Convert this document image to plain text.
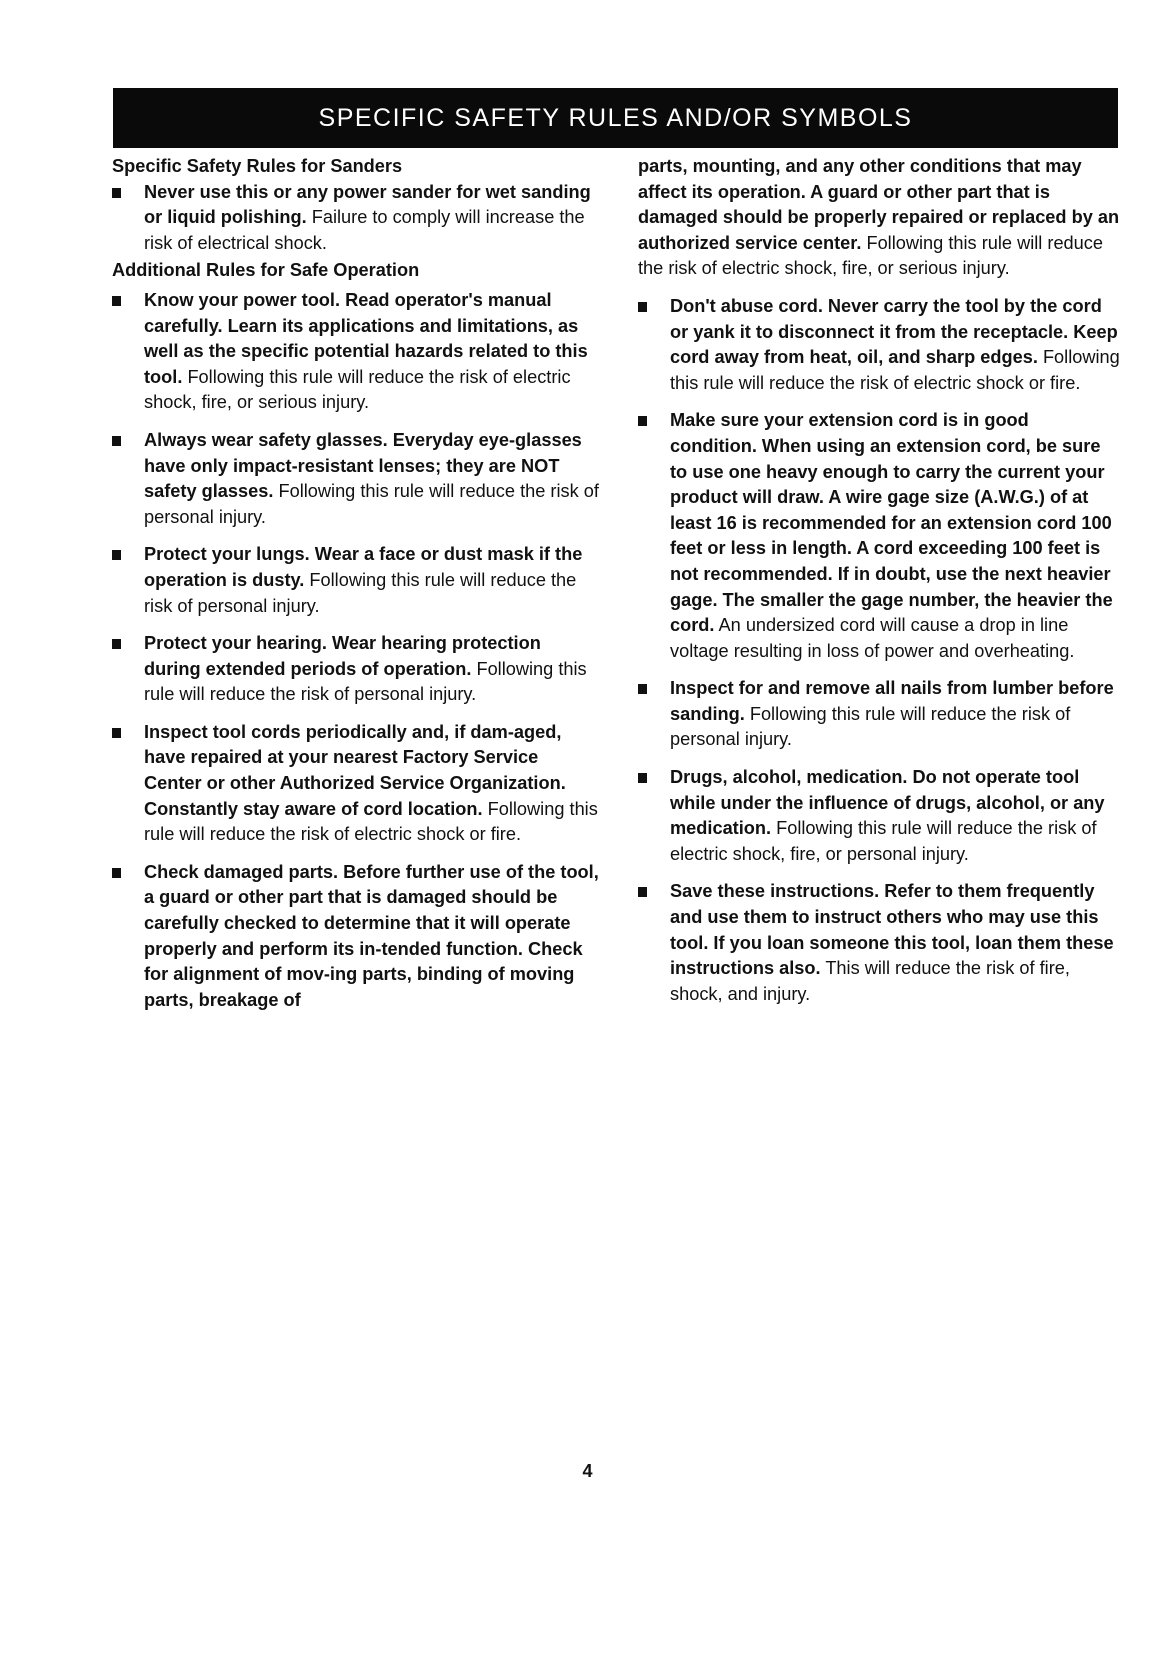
SPECIFIC SAFETY RULES AND/OR SYMBOLS

Specific Safety Rules for Sanders

Never use this or any power sander for wet sanding or liquid polishing. Failure to comply will increase the risk of electrical shock.

Additional Rules for Safe Operation

Know your power tool. Read operator's manual carefully. Learn its applications and limitations, as well as the specific potential hazards related to this tool. Following this rule will reduce the risk of electric shock, fire, or serious injury.

Always wear safety glasses. Everyday eye-glasses have only impact-resistant lenses; they are NOT safety glasses. Following this rule will reduce the risk of personal injury.

Protect your lungs. Wear a face or dust mask if the operation is dusty. Following this rule will reduce the risk of personal injury.

Protect your hearing. Wear hearing protection during extended periods of operation. Following this rule will reduce the risk of personal injury.

Inspect tool cords periodically and, if dam-aged, have repaired at your nearest Factory Service Center or other Authorized Service Organization. Constantly stay aware of cord location. Following this rule will reduce the risk of electric shock or fire.

Check damaged parts. Before further use of the tool, a guard or other part that is damaged should be carefully checked to determine that it will operate properly and perform its in-tended function. Check for alignment of mov-ing parts, binding of moving parts, breakage of

parts, mounting, and any other conditions that may affect its operation. A guard or other part that is damaged should be properly repaired or replaced by an authorized service center. Following this rule will reduce the risk of electric shock, fire, or serious injury.

Don't abuse cord. Never carry the tool by the cord or yank it to disconnect it from the receptacle. Keep cord away from heat, oil, and sharp edges. Following this rule will reduce the risk of electric shock or fire.

Make sure your extension cord is in good condition. When using an extension cord, be sure to use one heavy enough to carry the current your product will draw. A wire gage size (A.W.G.) of at least 16 is recommended for an extension cord 100 feet or less in length. A cord exceeding 100 feet is not recommended. If in doubt, use the next heavier gage. The smaller the gage number, the heavier the cord. An undersized cord will cause a drop in line voltage resulting in loss of power and overheating.

Inspect for and remove all nails from lumber before sanding. Following this rule will reduce the risk of personal injury.

Drugs, alcohol, medication. Do not operate tool while under the influence of drugs, alcohol, or any medication. Following this rule will reduce the risk of electric shock, fire, or personal injury.

Save these instructions. Refer to them frequently and use them to instruct others who may use this tool. If you loan someone this tool, loan them these instructions also. This will reduce the risk of fire, shock, and injury.

4
